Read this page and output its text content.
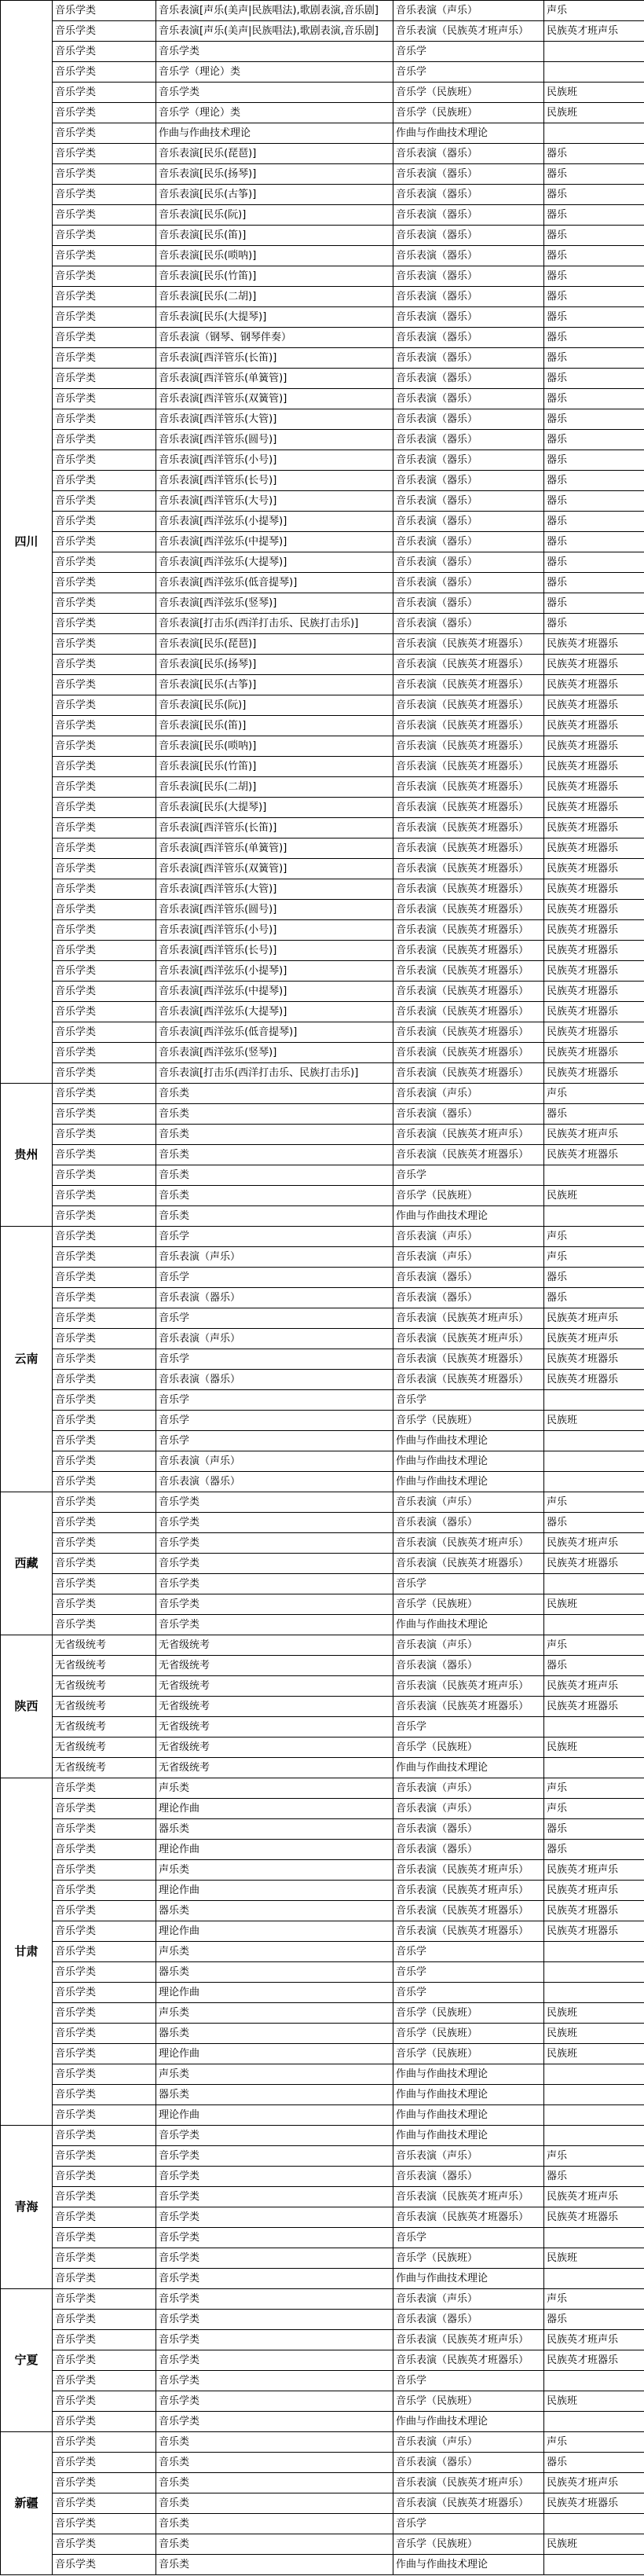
四川	音乐学类	音乐表演[声乐(美声|民族唱法),歌剧表演,音乐剧]	音乐表演（声乐）	声乐
	音乐学类	音乐表演[声乐(美声|民族唱法),歌剧表演,音乐剧]	音乐表演（民族英才班声乐）	民族英才班声乐
	音乐学类	音乐学类	音乐学	
	音乐学类	音乐学（理论）类	音乐学	
	音乐学类	音乐学类	音乐学（民族班）	民族班
	音乐学类	音乐学（理论）类	音乐学（民族班）	民族班
	音乐学类	作曲与作曲技术理论	作曲与作曲技术理论	
	音乐学类	音乐表演[民乐(琵琶)]	音乐表演（器乐）	器乐
	音乐学类	音乐表演[民乐(扬琴)]	音乐表演（器乐）	器乐
	音乐学类	音乐表演[民乐(古筝)]	音乐表演（器乐）	器乐
	音乐学类	音乐表演[民乐(阮)]	音乐表演（器乐）	器乐
	音乐学类	音乐表演[民乐(笛)]	音乐表演（器乐）	器乐
	音乐学类	音乐表演[民乐(唢呐)]	音乐表演（器乐）	器乐
	音乐学类	音乐表演[民乐(竹笛)]	音乐表演（器乐）	器乐
	音乐学类	音乐表演[民乐(二胡)]	音乐表演（器乐）	器乐
	音乐学类	音乐表演[民乐(大提琴)]	音乐表演（器乐）	器乐
	音乐学类	音乐表演（钢琴、钢琴伴奏）	音乐表演（器乐）	器乐
	音乐学类	音乐表演[西洋管乐(长笛)]	音乐表演（器乐）	器乐
	音乐学类	音乐表演[西洋管乐(单簧管)]	音乐表演（器乐）	器乐
	音乐学类	音乐表演[西洋管乐(双簧管)]	音乐表演（器乐）	器乐
	音乐学类	音乐表演[西洋管乐(大管)]	音乐表演（器乐）	器乐
	音乐学类	音乐表演[西洋管乐(圆号)]	音乐表演（器乐）	器乐
	音乐学类	音乐表演[西洋管乐(小号)]	音乐表演（器乐）	器乐
	音乐学类	音乐表演[西洋管乐(长号)]	音乐表演（器乐）	器乐
	音乐学类	音乐表演[西洋管乐(大号)]	音乐表演（器乐）	器乐
	音乐学类	音乐表演[西洋弦乐(小提琴)]	音乐表演（器乐）	器乐
	音乐学类	音乐表演[西洋弦乐(中提琴)]	音乐表演（器乐）	器乐
	音乐学类	音乐表演[西洋弦乐(大提琴)]	音乐表演（器乐）	器乐
	音乐学类	音乐表演[西洋弦乐(低音提琴)]	音乐表演（器乐）	器乐
	音乐学类	音乐表演[西洋弦乐(竖琴)]	音乐表演（器乐）	器乐
	音乐学类	音乐表演[打击乐(西洋打击乐、民族打击乐)]	音乐表演（器乐）	器乐
	音乐学类	音乐表演[民乐(琵琶)]	音乐表演（民族英才班器乐）	民族英才班器乐
	音乐学类	音乐表演[民乐(扬琴)]	音乐表演（民族英才班器乐）	民族英才班器乐
	音乐学类	音乐表演[民乐(古筝)]	音乐表演（民族英才班器乐）	民族英才班器乐
	音乐学类	音乐表演[民乐(阮)]	音乐表演（民族英才班器乐）	民族英才班器乐
	音乐学类	音乐表演[民乐(笛)]	音乐表演（民族英才班器乐）	民族英才班器乐
	音乐学类	音乐表演[民乐(唢呐)]	音乐表演（民族英才班器乐）	民族英才班器乐
	音乐学类	音乐表演[民乐(竹笛)]	音乐表演（民族英才班器乐）	民族英才班器乐
	音乐学类	音乐表演[民乐(二胡)]	音乐表演（民族英才班器乐）	民族英才班器乐
	音乐学类	音乐表演[民乐(大提琴)]	音乐表演（民族英才班器乐）	民族英才班器乐
	音乐学类	音乐表演[西洋管乐(长笛)]	音乐表演（民族英才班器乐）	民族英才班器乐
	音乐学类	音乐表演[西洋管乐(单簧管)]	音乐表演（民族英才班器乐）	民族英才班器乐
	音乐学类	音乐表演[西洋管乐(双簧管)]	音乐表演（民族英才班器乐）	民族英才班器乐
	音乐学类	音乐表演[西洋管乐(大管)]	音乐表演（民族英才班器乐）	民族英才班器乐
	音乐学类	音乐表演[西洋管乐(圆号)]	音乐表演（民族英才班器乐）	民族英才班器乐
	音乐学类	音乐表演[西洋管乐(小号)]	音乐表演（民族英才班器乐）	民族英才班器乐
	音乐学类	音乐表演[西洋管乐(长号)]	音乐表演（民族英才班器乐）	民族英才班器乐
	音乐学类	音乐表演[西洋弦乐(小提琴)]	音乐表演（民族英才班器乐）	民族英才班器乐
	音乐学类	音乐表演[西洋弦乐(中提琴)]	音乐表演（民族英才班器乐）	民族英才班器乐
	音乐学类	音乐表演[西洋弦乐(大提琴)]	音乐表演（民族英才班器乐）	民族英才班器乐
	音乐学类	音乐表演[西洋弦乐(低音提琴)]	音乐表演（民族英才班器乐）	民族英才班器乐
	音乐学类	音乐表演[西洋弦乐(竖琴)]	音乐表演（民族英才班器乐）	民族英才班器乐
	音乐学类	音乐表演[打击乐(西洋打击乐、民族打击乐)]	音乐表演（民族英才班器乐）	民族英才班器乐
贵州	音乐学类	音乐类	音乐表演（声乐）	声乐
	音乐学类	音乐类	音乐表演（器乐）	器乐
	音乐学类	音乐类	音乐表演（民族英才班声乐）	民族英才班声乐
	音乐学类	音乐类	音乐表演（民族英才班器乐）	民族英才班器乐
	音乐学类	音乐类	音乐学	
	音乐学类	音乐类	音乐学（民族班）	民族班
	音乐学类	音乐类	作曲与作曲技术理论	
云南	音乐学类	音乐学	音乐表演（声乐）	声乐
	音乐学类	音乐表演（声乐）	音乐表演（声乐）	声乐
	音乐学类	音乐学	音乐表演（器乐）	器乐
	音乐学类	音乐表演（器乐）	音乐表演（器乐）	器乐
	音乐学类	音乐学	音乐表演（民族英才班声乐）	民族英才班声乐
	音乐学类	音乐表演（声乐）	音乐表演（民族英才班声乐）	民族英才班声乐
	音乐学类	音乐学	音乐表演（民族英才班器乐）	民族英才班器乐
	音乐学类	音乐表演（器乐）	音乐表演（民族英才班器乐）	民族英才班器乐
	音乐学类	音乐学	音乐学	
	音乐学类	音乐学	音乐学（民族班）	民族班
	音乐学类	音乐学	作曲与作曲技术理论	
	音乐学类	音乐表演（声乐）	作曲与作曲技术理论	
	音乐学类	音乐表演（器乐）	作曲与作曲技术理论	
西藏	音乐学类	音乐学类	音乐表演（声乐）	声乐
	音乐学类	音乐学类	音乐表演（器乐）	器乐
	音乐学类	音乐学类	音乐表演（民族英才班声乐）	民族英才班声乐
	音乐学类	音乐学类	音乐表演（民族英才班器乐）	民族英才班器乐
	音乐学类	音乐学类	音乐学	
	音乐学类	音乐学类	音乐学（民族班）	民族班
	音乐学类	音乐学类	作曲与作曲技术理论	
陕西	无省级统考	无省级统考	音乐表演（声乐）	声乐
	无省级统考	无省级统考	音乐表演（器乐）	器乐
	无省级统考	无省级统考	音乐表演（民族英才班声乐）	民族英才班声乐
	无省级统考	无省级统考	音乐表演（民族英才班器乐）	民族英才班器乐
	无省级统考	无省级统考	音乐学	
	无省级统考	无省级统考	音乐学（民族班）	民族班
	无省级统考	无省级统考	作曲与作曲技术理论	
甘肃	音乐学类	声乐类	音乐表演（声乐）	声乐
	音乐学类	理论作曲	音乐表演（声乐）	声乐
	音乐学类	器乐类	音乐表演（器乐）	器乐
	音乐学类	理论作曲	音乐表演（器乐）	器乐
	音乐学类	声乐类	音乐表演（民族英才班声乐）	民族英才班声乐
	音乐学类	理论作曲	音乐表演（民族英才班声乐）	民族英才班声乐
	音乐学类	器乐类	音乐表演（民族英才班器乐）	民族英才班器乐
	音乐学类	理论作曲	音乐表演（民族英才班器乐）	民族英才班器乐
	音乐学类	声乐类	音乐学	
	音乐学类	器乐类	音乐学	
	音乐学类	理论作曲	音乐学	
	音乐学类	声乐类	音乐学（民族班）	民族班
	音乐学类	器乐类	音乐学（民族班）	民族班
	音乐学类	理论作曲	音乐学（民族班）	民族班
	音乐学类	声乐类	作曲与作曲技术理论	
	音乐学类	器乐类	作曲与作曲技术理论	
	音乐学类	理论作曲	作曲与作曲技术理论	
青海	音乐学类	音乐学类	作曲与作曲技术理论	
	音乐学类	音乐学类	音乐表演（声乐）	声乐
	音乐学类	音乐学类	音乐表演（器乐）	器乐
	音乐学类	音乐学类	音乐表演（民族英才班声乐）	民族英才班声乐
	音乐学类	音乐学类	音乐表演（民族英才班器乐）	民族英才班器乐
	音乐学类	音乐学类	音乐学	
	音乐学类	音乐学类	音乐学（民族班）	民族班
	音乐学类	音乐学类	作曲与作曲技术理论	
宁夏	音乐学类	音乐学类	音乐表演（声乐）	声乐
	音乐学类	音乐学类	音乐表演（器乐）	器乐
	音乐学类	音乐学类	音乐表演（民族英才班声乐）	民族英才班声乐
	音乐学类	音乐学类	音乐表演（民族英才班器乐）	民族英才班器乐
	音乐学类	音乐学类	音乐学	
	音乐学类	音乐学类	音乐学（民族班）	民族班
	音乐学类	音乐学类	作曲与作曲技术理论	
新疆	音乐学类	音乐类	音乐表演（声乐）	声乐
	音乐学类	音乐类	音乐表演（器乐）	器乐
	音乐学类	音乐类	音乐表演（民族英才班声乐）	民族英才班声乐
	音乐学类	音乐类	音乐表演（民族英才班器乐）	民族英才班器乐
	音乐学类	音乐类	音乐学	
	音乐学类	音乐类	音乐学（民族班）	民族班
	音乐学类	音乐类	作曲与作曲技术理论	
